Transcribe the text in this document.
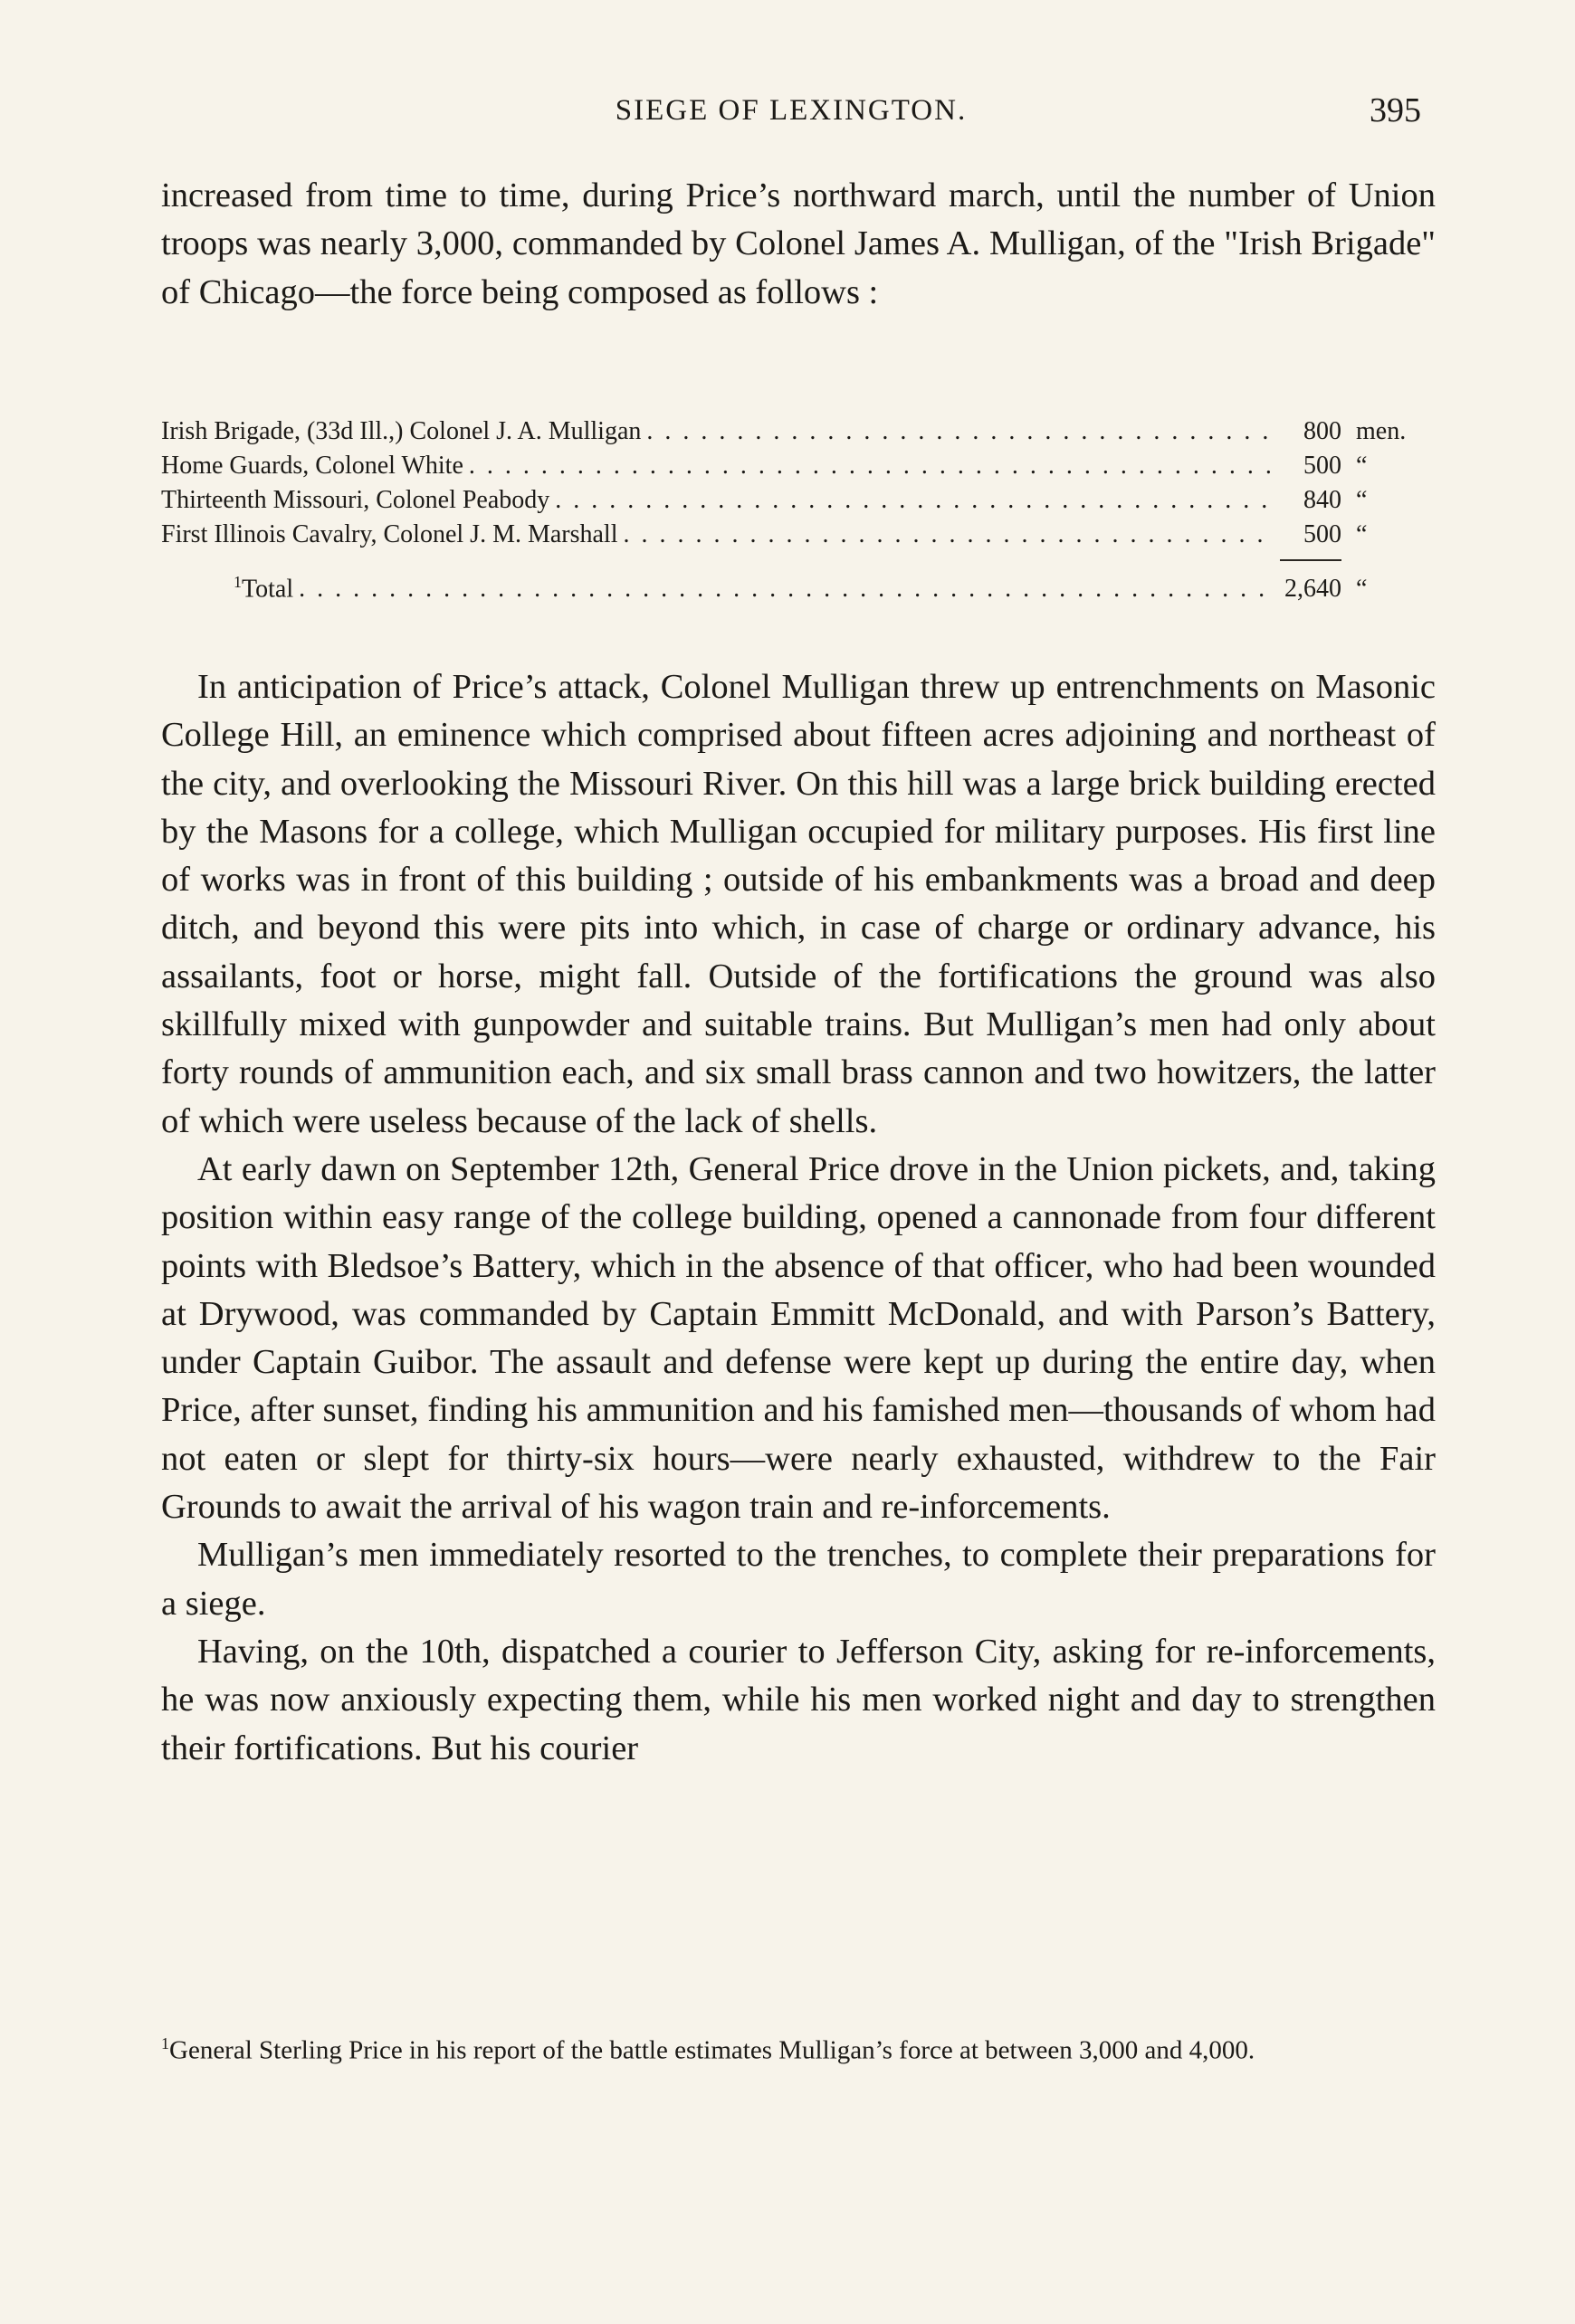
SIEGE OF LEXINGTON.	395

increased from time to time, during Price’s northward march, until the number of Union troops was nearly 3,000, commanded by Colonel James A. Mulligan, of the "Irish Brigade" of Chicago—the force being composed as follows :

Irish Brigade, (33d Ill.,) Colonel J. A. Mulligan . . .	800 men.
Home Guards, Colonel White . . .	500 “
Thirteenth Missouri, Colonel Peabody . . .	840 “
First Illinois Cavalry, Colonel J. M. Marshall . . .	500 “
$^1$Total . . .	2,640 “

In anticipation of Price’s attack, Colonel Mulligan threw up entrenchments on Masonic College Hill, an eminence which comprised about fifteen acres adjoining and northeast of the city, and overlooking the Missouri River. On this hill was a large brick building erected by the Masons for a college, which Mulligan occupied for military purposes. His first line of works was in front of this building ; outside of his embankments was a broad and deep ditch, and beyond this were pits into which, in case of charge or ordinary advance, his assailants, foot or horse, might fall. Outside of the fortifications the ground was also skillfully mixed with gunpowder and suitable trains. But Mulligan’s men had only about forty rounds of ammunition each, and six small brass cannon and two howitzers, the latter of which were useless because of the lack of shells.

At early dawn on September 12th, General Price drove in the Union pickets, and, taking position within easy range of the college building, opened a cannonade from four different points with Bledsoe’s Battery, which in the absence of that officer, who had been wounded at Drywood, was commanded by Captain Emmitt McDonald, and with Parson’s Battery, under Captain Guibor. The assault and defense were kept up during the entire day, when Price, after sunset, finding his ammunition and his famished men—thousands of whom had not eaten or slept for thirty-six hours—were nearly exhausted, withdrew to the Fair Grounds to await the arrival of his wagon train and re-inforcements.

Mulligan’s men immediately resorted to the trenches, to complete their preparations for a siege.

Having, on the 10th, dispatched a courier to Jefferson City, asking for re-inforcements, he was now anxiously expecting them, while his men worked night and day to strengthen their fortifications. But his courier

$^1$General Sterling Price in his report of the battle estimates Mulligan’s force at between 3,000 and 4,000.
